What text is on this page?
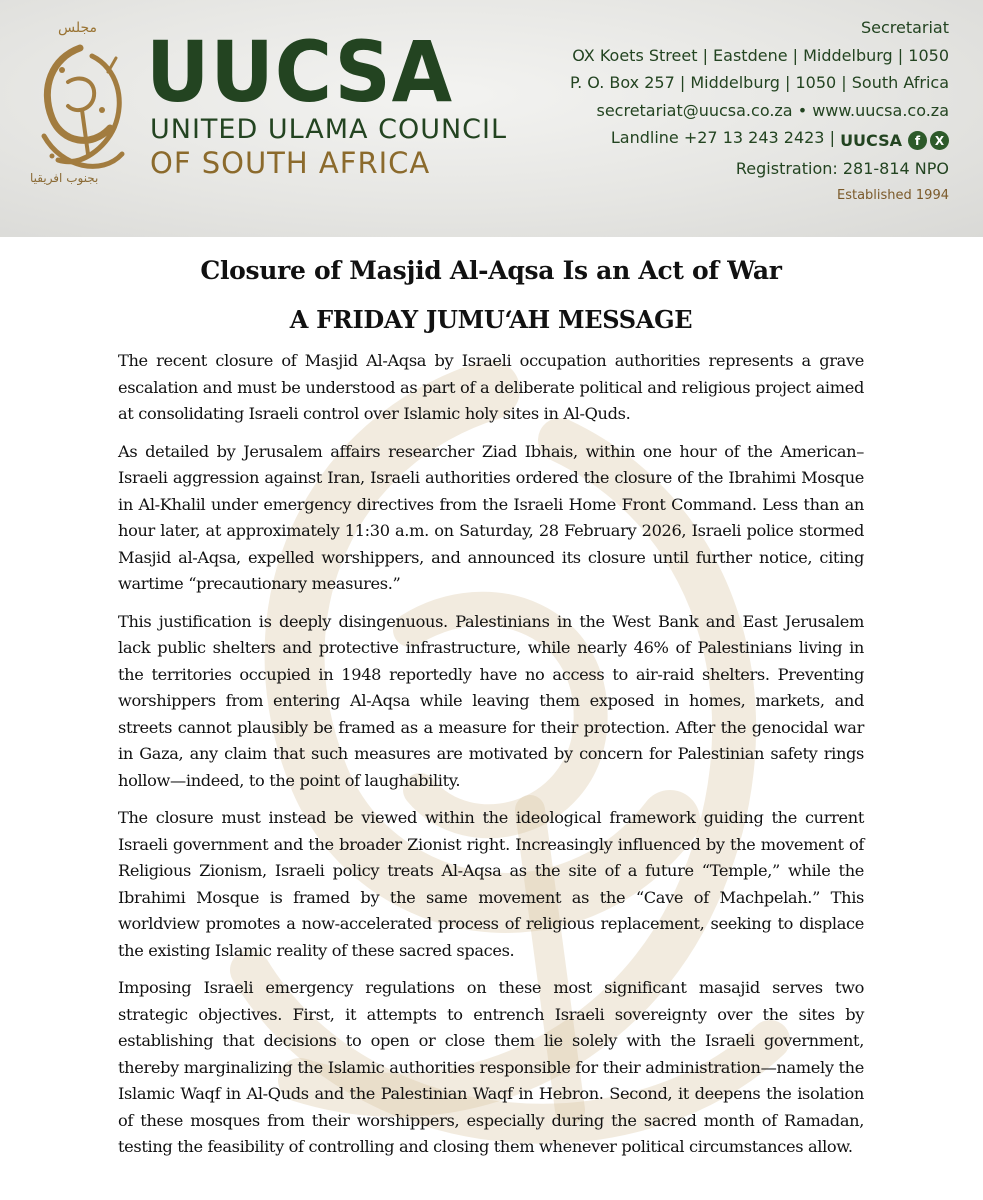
مجلس
بجنوب افريقيا
UUCSA
UNITED ULAMA COUNCIL
OF SOUTH AFRICA
Secretariat
OX Koets Street | Eastdene | Middelburg | 1050
P. O. Box 257 | Middelburg | 1050 | South Africa
secretariat@uucsa.co.za • www.uucsa.co.za
Landline +27 13 243 2423 | UUCSA	f	X
Registration: 281-814 NPO
Established 1994
Closure of Masjid Al-Aqsa Is an Act of War
A FRIDAY JUMU‘AH MESSAGE

The recent closure of Masjid Al-Aqsa by Israeli occupation authorities represents a grave escalation and must be understood as part of a deliberate political and religious project aimed at consolidating Israeli control over Islamic holy sites in Al-Quds.

As detailed by Jerusalem affairs researcher Ziad Ibhais, within one hour of the American–Israeli aggression against Iran, Israeli authorities ordered the closure of the Ibrahimi Mosque in Al-Khalil under emergency directives from the Israeli Home Front Command. Less than an hour later, at approximately 11:30 a.m. on Saturday, 28 February 2026, Israeli police stormed Masjid al-Aqsa, expelled worshippers, and announced its closure until further notice, citing wartime “precautionary measures.”

This justification is deeply disingenuous. Palestinians in the West Bank and East Jerusalem lack public shelters and protective infrastructure, while nearly 46% of Palestinians living in the territories occupied in 1948 reportedly have no access to air-raid shelters. Preventing worshippers from entering Al-Aqsa while leaving them exposed in homes, markets, and streets cannot plausibly be framed as a measure for their protection. After the genocidal war in Gaza, any claim that such measures are motivated by concern for Palestinian safety rings hollow—indeed, to the point of laughability.

The closure must instead be viewed within the ideological framework guiding the current Israeli government and the broader Zionist right. Increasingly influenced by the movement of Religious Zionism, Israeli policy treats Al-Aqsa as the site of a future “Temple,” while the Ibrahimi Mosque is framed by the same movement as the “Cave of Machpelah.” This worldview promotes a now-accelerated process of religious replacement, seeking to displace the existing Islamic reality of these sacred spaces.

Imposing Israeli emergency regulations on these most significant masajid serves two strategic objectives. First, it attempts to entrench Israeli sovereignty over the sites by establishing that decisions to open or close them lie solely with the Israeli government, thereby marginalizing the Islamic authorities responsible for their administration—namely the Islamic Waqf in Al-Quds and the Palestinian Waqf in Hebron. Second, it deepens the isolation of these mosques from their worshippers, especially during the sacred month of Ramadan, testing the feasibility of controlling and closing them whenever political circumstances allow.
